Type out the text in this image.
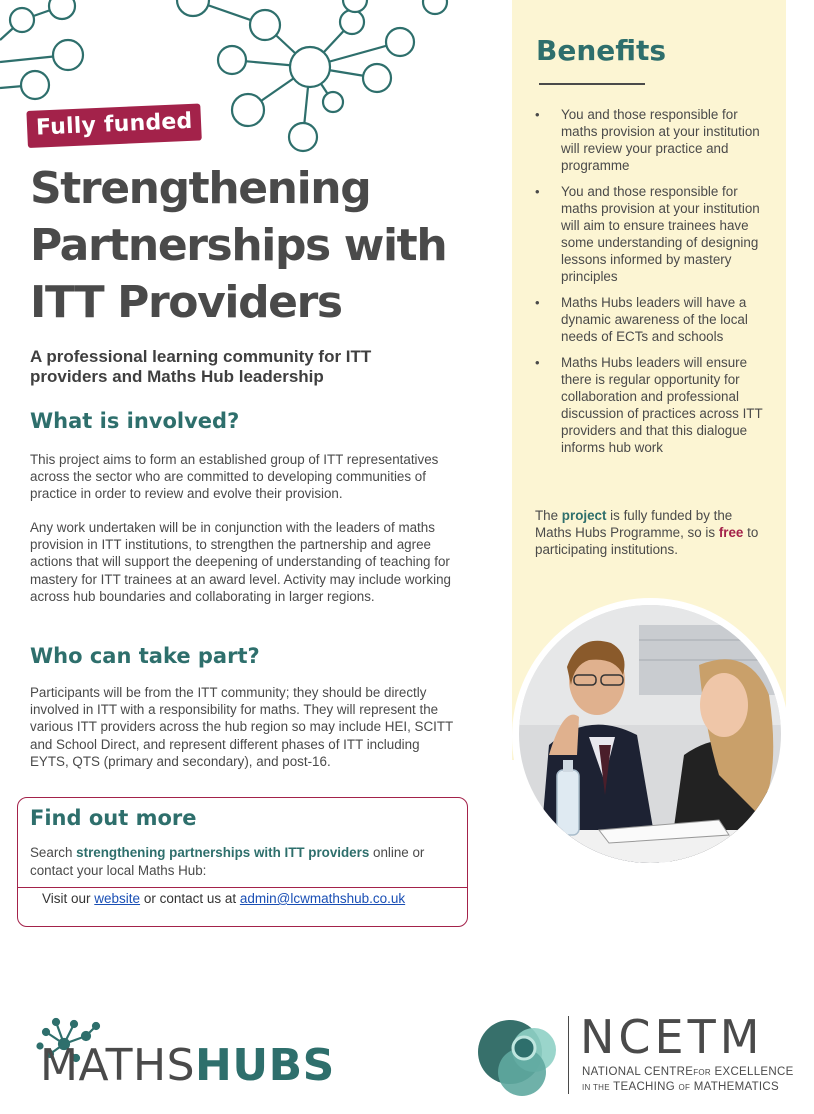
Fully funded
Strengthening Partnerships with ITT Providers

A professional learning community for ITT providers and Maths Hub leadership

What is involved?

This project aims to form an established group of ITT representatives across the sector who are committed to developing communities of practice in order to review and evolve their provision.

Any work undertaken will be in conjunction with the leaders of maths provision in ITT institutions, to strengthen the partnership and agree actions that will support the deepening of understanding of teaching for mastery for ITT trainees at an award level. Activity may include working across hub boundaries and collaborating in larger regions.

Who can take part?

Participants will be from the ITT community; they should be directly involved in ITT with a responsibility for maths. They will represent the various ITT providers across the hub region so may include HEI, SCITT and School Direct, and represent different phases of ITT including EYTS, QTS (primary and secondary), and post-16.

Find out more

Search strengthening partnerships with ITT providers online or contact your local Maths Hub:

Visit our website or contact us at admin@lcwmathshub.co.uk

Benefits
• You and those responsible for maths provision at your institution will review your practice and programme
• You and those responsible for maths provision at your institution will aim to ensure trainees have some understanding of designing lessons informed by mastery principles
• Maths Hubs leaders will have a dynamic awareness of the local needs of ECTs and schools
• Maths Hubs leaders will ensure there is regular opportunity for collaboration and professional discussion of practices across ITT providers and that this dialogue informs hub work

The project is fully funded by the Maths Hubs Programme, so is free to participating institutions.

MATHSHUBS

NCETM

NATIONAL CENTREFOR EXCELLENCE

IN THE TEACHING OF MATHEMATICS
